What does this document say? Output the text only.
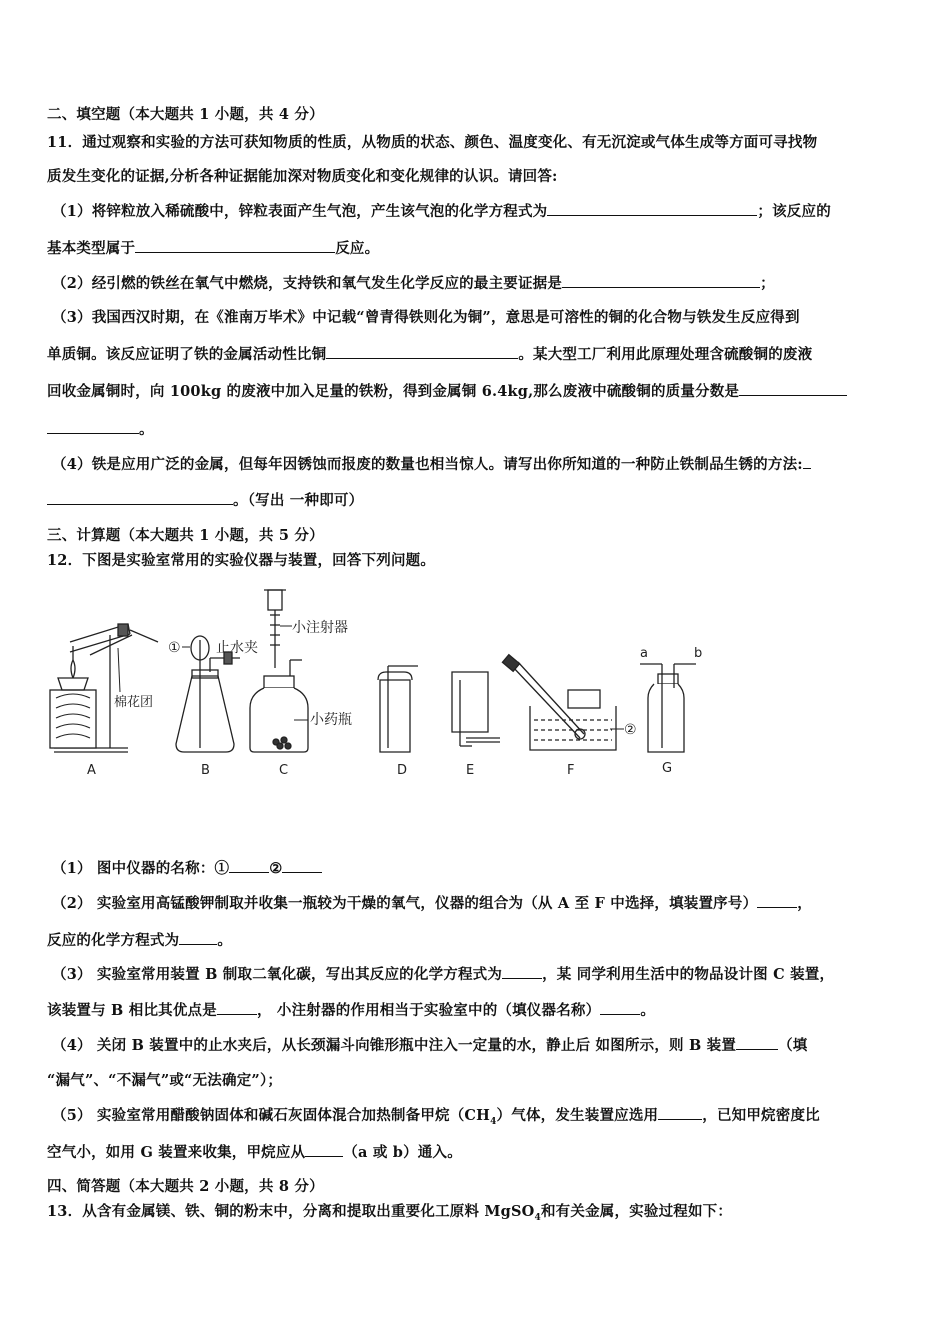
二、填空题（本大题共 1 小题，共 4 分）
11．通过观察和实验的方法可获知物质的性质，从物质的状态、颜色、温度变化、有无沉淀或气体生成等方面可寻找物
质发生变化的证据,分析各种证据能加深对物质变化和变化规律的认识。请回答:
（1）将锌粒放入稀硫酸中，锌粒表面产生气泡，产生该气泡的化学方程式为	；该反应的
基本类型属于	反应。
（2）经引燃的铁丝在氧气中燃烧，支持铁和氧气发生化学反应的最主要证据是	；
（3）我国西汉时期，在《淮南万毕术》中记载“曾青得铁则化为铜”，意思是可溶性的铜的化合物与铁发生反应得到
单质铜。该反应证明了铁的金属活动性比铜	。某大型工厂利用此原理处理含硫酸铜的废液
回收金属铜时，向 100kg 的废液中加入足量的铁粉，得到金属铜 6.4kg,那么废液中硫酸铜的质量分数是
。
（4）铁是应用广泛的金属，但每年因锈蚀而报废的数量也相当惊人。请写出你所知道的一种防止铁制品生锈的方法:
。（写出 一种即可）
三、计算题（本大题共 1 小题，共 5 分）
12．下图是实验室常用的实验仪器与装置，回答下列问题。
棉花团
①	止水夹
小注射器
小药瓶
②
a	b
A	B	C	D	E	F	G
（1） 图中仪器的名称：①	②
（2） 实验室用高锰酸钾制取并收集一瓶较为干燥的氧气，仪器的组合为（从 A 至 F 中选择，填装置序号）	，
反应的化学方程式为	。
（3） 实验室常用装置 B 制取二氧化碳，写出其反应的化学方程式为	，某 同学利用生活中的物品设计图 C 装置，
该装置与 B 相比其优点是	， 小注射器的作用相当于实验室中的（填仪器名称）	。
（4） 关闭 B 装置中的止水夹后，从长颈漏斗向锥形瓶中注入一定量的水，静止后 如图所示，则 B 装置	（填
“漏气”、“不漏气”或“无法确定”）；
（5） 实验室常用醋酸钠固体和碱石灰固体混合加热制备甲烷$(CH_4)$气体，发生装置应选用	，已知甲烷密度比
空气小，如用 G 装置来收集，甲烷应从	（a 或 b）通入。
四、简答题（本大题共 2 小题，共 8 分）
13．从含有金属镁、铁、铜的粉末中，分离和提取出重要化工原料 MgSO$_4$和有关金属，实验过程如下：
